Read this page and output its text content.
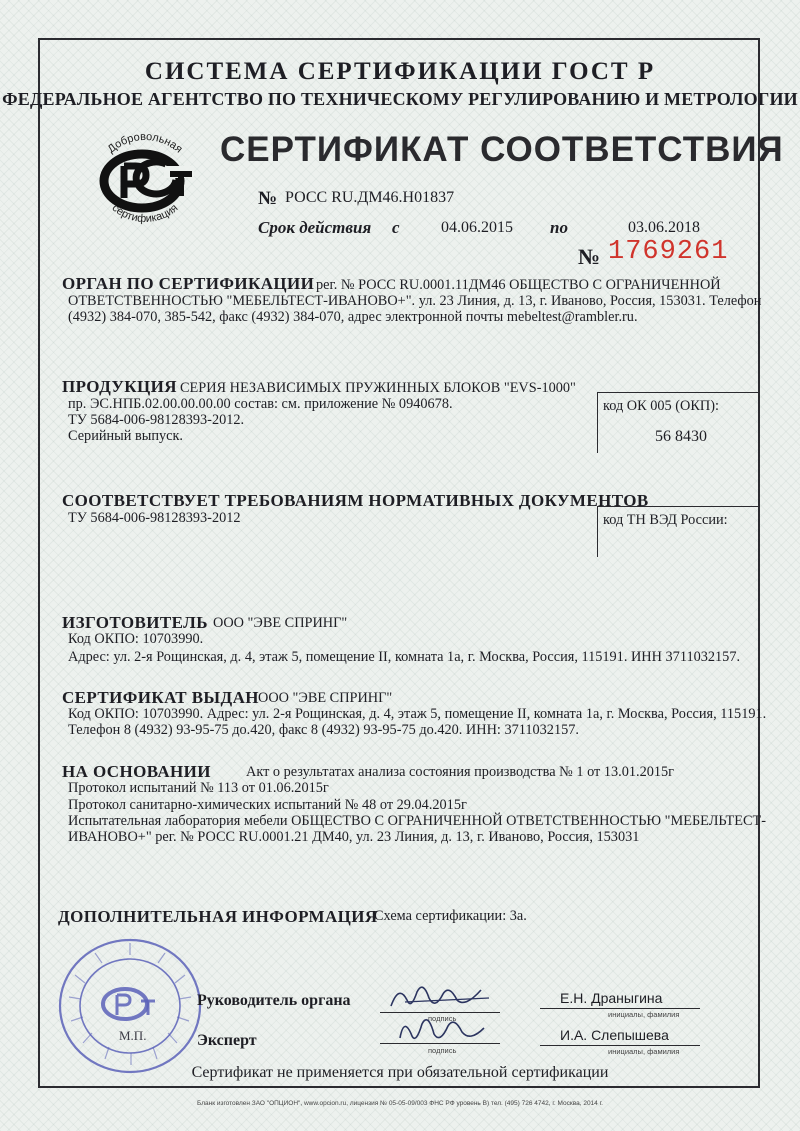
СИСТЕМА СЕРТИФИКАЦИИ ГОСТ Р
ФЕДЕРАЛЬНОЕ АГЕНТСТВО ПО ТЕХНИЧЕСКОМУ РЕГУЛИРОВАНИЮ И МЕТРОЛОГИИ
Добровольная
сертификация
СЕРТИФИКАТ СООТВЕТСТВИЯ
№ РОСС RU.ДМ46.Н01837
Срок действия с	04.06.2015 по	03.06.2018
№ 1769261
ОРГАН ПО СЕРТИФИКАЦИИ рег. № РОСС RU.0001.11ДМ46 ОБЩЕСТВО С ОГРАНИЧЕННОЙ
ОТВЕТСТВЕННОСТЬЮ "МЕБЕЛЬТЕСТ-ИВАНОВО+". ул. 23 Линия, д. 13, г. Иваново, Россия, 153031. Телефон
(4932) 384-070, 385-542, факс (4932) 384-070, адрес электронной почты mebeltest@rambler.ru.
ПРОДУКЦИЯ СЕРИЯ НЕЗАВИСИМЫХ ПРУЖИННЫХ БЛОКОВ "EVS-1000"
пр. ЭС.НПБ.02.00.00.00.00 состав: см. приложение № 0940678.
ТУ 5684-006-98128393-2012.
Серийный выпуск.
код ОК 005 (ОКП):
56 8430
СООТВЕТСТВУЕТ ТРЕБОВАНИЯМ НОРМАТИВНЫХ ДОКУМЕНТОВ
ТУ 5684-006-98128393-2012	код ТН ВЭД России:
ИЗГОТОВИТЕЛЬ ООО "ЭВЕ СПРИНГ"
Код ОКПО: 10703990.
Адрес: ул. 2-я Рощинская, д. 4, этаж 5, помещение II, комната 1а, г. Москва, Россия, 115191. ИНН 3711032157.
СЕРТИФИКАТ ВЫДАН ООО "ЭВЕ СПРИНГ"
Код ОКПО: 10703990. Адрес: ул. 2-я Рощинская, д. 4, этаж 5, помещение II, комната 1а, г. Москва, Россия, 115191.
Телефон 8 (4932) 93-95-75 до.420, факс 8 (4932) 93-95-75 до.420. ИНН: 3711032157.
НА ОСНОВАНИИ Акт о результатах анализа состояния производства № 1 от 13.01.2015г
Протокол испытаний № 113 от 01.06.2015г
Протокол санитарно-химических испытаний № 48 от 29.04.2015г
Испытательная лаборатория мебели ОБЩЕСТВО С ОГРАНИЧЕННОЙ ОТВЕТСТВЕННОСТЬЮ "МЕБЕЛЬТЕСТ-
ИВАНОВО+" рег. № РОСС RU.0001.21 ДМ40, ул. 23 Линия, д. 13, г. Иваново, Россия, 153031
ДОПОЛНИТЕЛЬНАЯ ИНФОРМАЦИЯ
Схема сертификации: 3а.
М.П.
Руководитель органа
подпись
Е.Н. Драныгина
инициалы, фамилия
Эксперт
подпись
И.А. Слепышева
инициалы, фамилия
Сертификат не применяется при обязательной сертификации
Бланк изготовлен ЗАО "ОПЦИОН", www.opcion.ru, лицензия № 05-05-09/003 ФНС РФ уровень В) тел. (495) 726 4742, г. Москва, 2014 г.
